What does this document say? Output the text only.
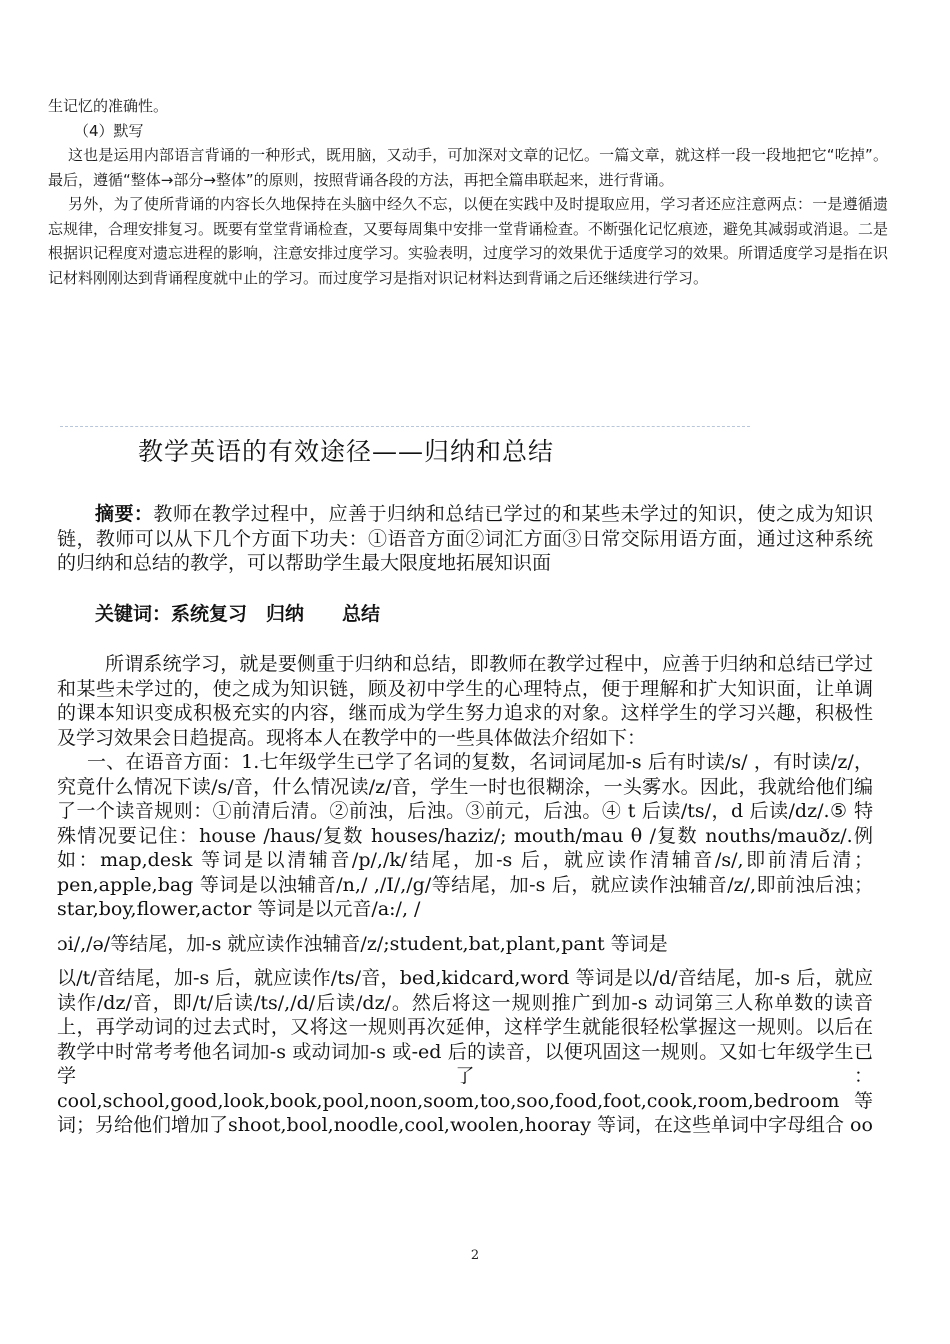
生记忆的准确性。

（4）默写

这也是运用内部语言背诵的一种形式，既用脑，又动手，可加深对文章的记忆。一篇文章，就这样一段一段地把它“吃掉”。最后，遵循“整体→部分→整体”的原则，按照背诵各段的方法，再把全篇串联起来，进行背诵。

另外，为了使所背诵的内容长久地保持在头脑中经久不忘，以便在实践中及时提取应用，学习者还应注意两点：一是遵循遗忘规律，合理安排复习。既要有堂堂背诵检查，又要每周集中安排一堂背诵检查。不断强化记忆痕迹，避免其减弱或消退。二是根据识记程度对遗忘进程的影响，注意安排过度学习。实验表明，过度学习的效果优于适度学习的效果。所谓适度学习是指在识记材料刚刚达到背诵程度就中止的学习。而过度学习是指对识记材料达到背诵之后还继续进行学习。

教学英语的有效途径——归纳和总结

摘要：教师在教学过程中，应善于归纳和总结已学过的和某些未学过的知识，使之成为知识链，教师可以从下几个方面下功夫：①语音方面②词汇方面③日常交际用语方面，通过这种系统的归纳和总结的教学，可以帮助学生最大限度地拓展知识面

关键词：系统复习　归纳　　总结

所谓系统学习，就是要侧重于归纳和总结，即教师在教学过程中，应善于归纳和总结已学过和某些未学过的，使之成为知识链，顾及初中学生的心理特点，便于理解和扩大知识面，让单调的课本知识变成积极充实的内容，继而成为学生努力追求的对象。这样学生的学习兴趣，积极性及学习效果会日趋提高。现将本人在教学中的一些具体做法介绍如下：

一、在语音方面：1.七年级学生已学了名词的复数，名词词尾加-s 后有时读/s/ ，有时读/z/，究竟什么情况下读/s/音，什么情况读/z/音，学生一时也很糊涂，一头雾水。因此，我就给他们编了一个读音规则：①前清后清。②前浊，后浊。③前元，后浊。④ t 后读/ts/，d 后读/dz/.⑤ 特殊情况要记住：house /haus/复数 houses/haziz/; mouth/mau θ /复数 nouths/mauðz/.例如：map,desk 等词是以清辅音/p/,/k/结尾，加-s 后，就应读作清辅音/s/,即前清后清；pen,apple,bag 等词是以浊辅音/n,/ ,/I/,/g/等结尾，加-s 后，就应读作浊辅音/z/,即前浊后浊；star,boy,flower,actor 等词是以元音/a:/, /

ɔi/,/ə/等结尾，加-s 就应读作浊辅音/z/;student,bat,plant,pant 等词是

以/t/音结尾，加-s 后，就应读作/ts/音，bed,kidcard,word 等词是以/d/音结尾，加-s 后，就应读作/dz/音，即/t/后读/ts/,/d/后读/dz/。然后将这一规则推广到加-s 动词第三人称单数的读音上，再学动词的过去式时，又将这一规则再次延伸，这样学生就能很轻松掌握这一规则。以后在教学中时常考考他名词加-s 或动词加-s 或-ed 后的读音，以便巩固这一规则。又如七年级学生已学了：cool,school,good,look,book,pool,noon,soom,too,soo,food,foot,cook,room,bedroom 等词；另给他们增加了shoot,bool,noodle,cool,woolen,hooray 等词，在这些单词中字母组合 oo

2
